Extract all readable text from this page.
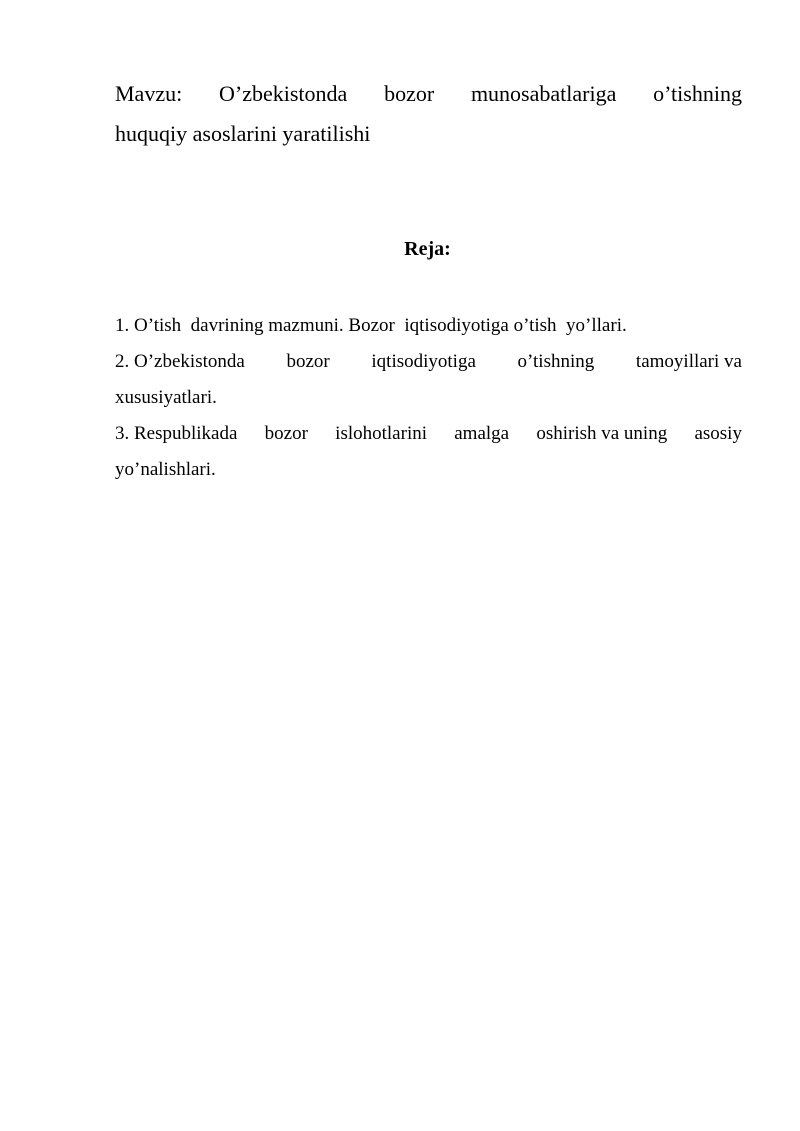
Mavzu: O’zbekistonda bozor munosabatlariga o’tishning
huquqiy asoslarini yaratilishi
Reja:
1. O’tish  davrining mazmuni. Bozor  iqtisodiyotiga o’tish  yo’llari.
2. O’zbekistonda bozor iqtisodiyotiga o’tishning tamoyillari va
xususiyatlari.
3. Respublikada bozor islohotlarini amalga oshirish va uning asosiy
yo’nalishlari.
